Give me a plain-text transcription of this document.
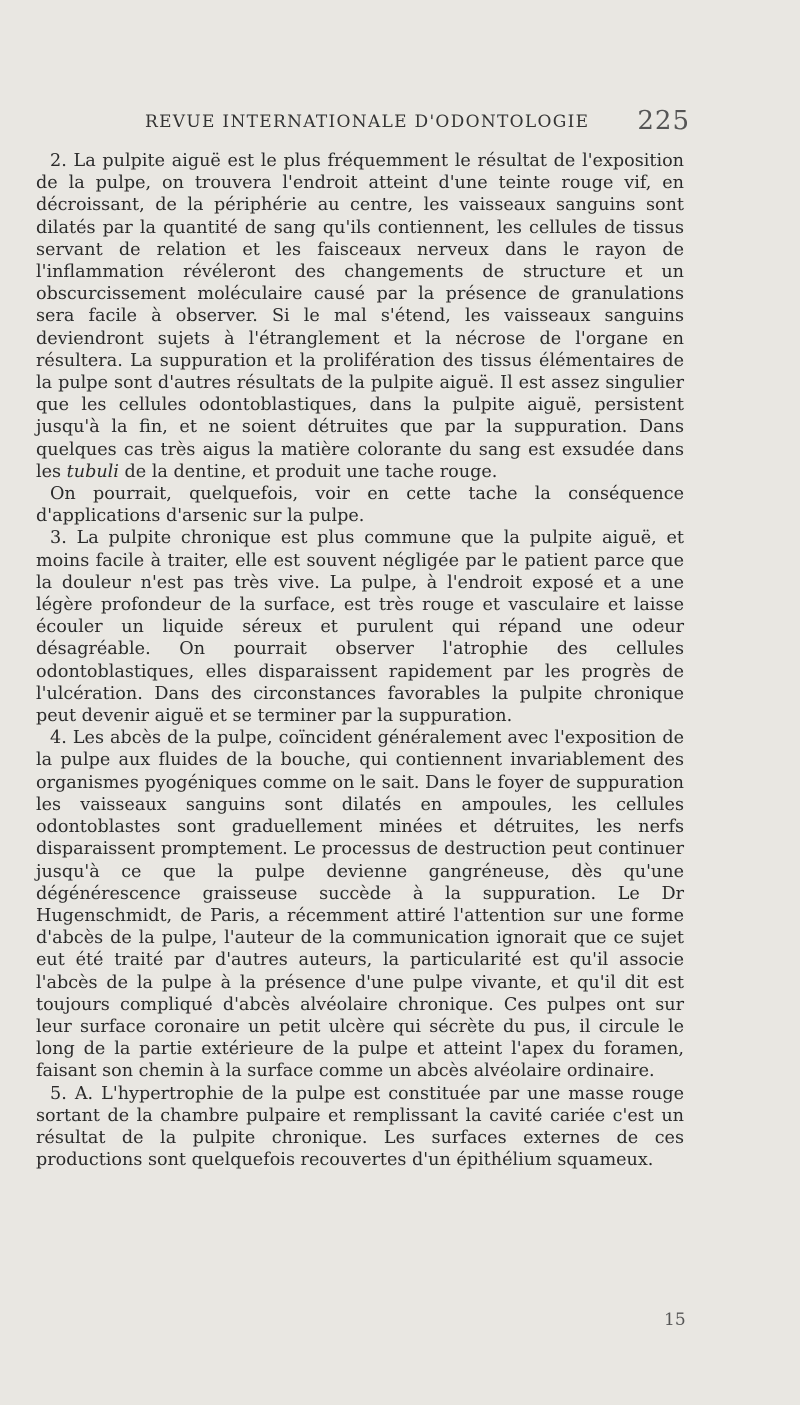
REVUE INTERNATIONALE D'ODONTOLOGIE 225

2. La pulpite aiguë est le plus fréquemment le résultat de l'exposition de la pulpe, on trouvera l'endroit atteint d'une teinte rouge vif, en décroissant, de la périphérie au centre, les vaisseaux sanguins sont dilatés par la quantité de sang qu'ils contiennent, les cellules de tissus servant de relation et les faisceaux nerveux dans le rayon de l'inflammation révéleront des changements de structure et un obscurcissement moléculaire causé par la présence de granulations sera facile à observer. Si le mal s'étend, les vaisseaux sanguins deviendront sujets à l'étranglement et la nécrose de l'organe en résultera. La suppuration et la prolifération des tissus élémentaires de la pulpe sont d'autres résultats de la pulpite aiguë. Il est assez singulier que les cellules odontoblastiques, dans la pulpite aiguë, persistent jusqu'à la fin, et ne soient détruites que par la suppuration. Dans quelques cas très aigus la matière colorante du sang est exsudée dans les tubuli de la dentine, et produit une tache rouge.

On pourrait, quelquefois, voir en cette tache la conséquence d'applications d'arsenic sur la pulpe.

3. La pulpite chronique est plus commune que la pulpite aiguë, et moins facile à traiter, elle est souvent négligée par le patient parce que la douleur n'est pas très vive. La pulpe, à l'endroit exposé et a une légère profondeur de la surface, est très rouge et vasculaire et laisse écouler un liquide séreux et purulent qui répand une odeur désagréable. On pourrait observer l'atrophie des cellules odontoblastiques, elles disparaissent rapidement par les progrès de l'ulcération. Dans des circonstances favorables la pulpite chronique peut devenir aiguë et se terminer par la suppuration.

4. Les abcès de la pulpe, coïncident généralement avec l'exposition de la pulpe aux fluides de la bouche, qui contiennent invariablement des organismes pyogéniques comme on le sait. Dans le foyer de suppuration les vaisseaux sanguins sont dilatés en ampoules, les cellules odontoblastes sont graduellement minées et détruites, les nerfs disparaissent promptement. Le processus de destruction peut continuer jusqu'à ce que la pulpe devienne gangréneuse, dès qu'une dégénérescence graisseuse succède à la suppuration. Le Dr Hugenschmidt, de Paris, a récemment attiré l'attention sur une forme d'abcès de la pulpe, l'auteur de la communication ignorait que ce sujet eut été traité par d'autres auteurs, la particularité est qu'il associe l'abcès de la pulpe à la présence d'une pulpe vivante, et qu'il dit est toujours compliqué d'abcès alvéolaire chronique. Ces pulpes ont sur leur surface coronaire un petit ulcère qui sécrète du pus, il circule le long de la partie extérieure de la pulpe et atteint l'apex du foramen, faisant son chemin à la surface comme un abcès alvéolaire ordinaire.

5. A. L'hypertrophie de la pulpe est constituée par une masse rouge sortant de la chambre pulpaire et remplissant la cavité cariée c'est un résultat de la pulpite chronique. Les surfaces externes de ces productions sont quelquefois recouvertes d'un épithélium squameux.

15
